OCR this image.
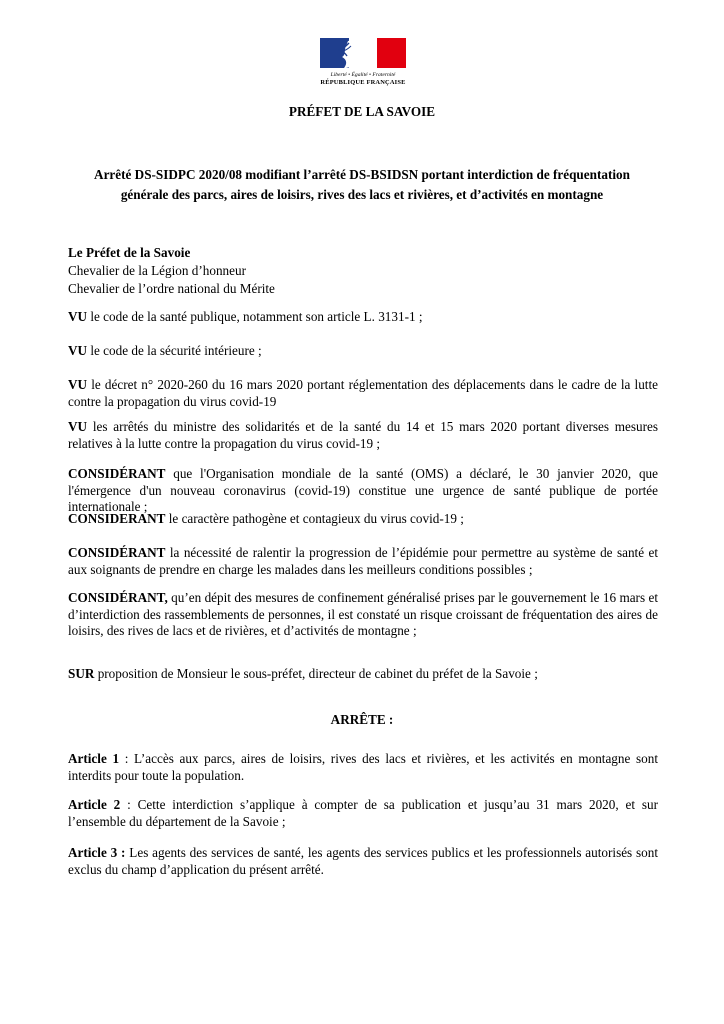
Liberté • Égalité • Fraternité
RÉPUBLIQUE FRANÇAISE
PRÉFET DE LA SAVOIE
Arrêté DS-SIDPC 2020/08 modifiant l’arrêté DS-BSIDSN portant interdiction de fréquentation
générale des parcs, aires de loisirs, rives des lacs et rivières, et d’activités en montagne
Le Préfet de la Savoie
Chevalier de la Légion d’honneur
Chevalier de l’ordre national du Mérite

VU le code de la santé publique, notamment son article L. 3131-1 ;

VU le code de la sécurité intérieure ;

VU le décret n° 2020-260 du 16 mars 2020 portant réglementation des déplacements dans le cadre de la lutte contre la propagation du virus covid-19

VU les arrêtés du ministre des solidarités et de la santé du 14 et 15 mars 2020 portant diverses mesures relatives à la lutte contre la propagation du virus covid-19 ;

CONSIDÉRANT que l'Organisation mondiale de la santé (OMS) a déclaré, le 30 janvier 2020, que l'émergence d'un nouveau coronavirus (covid-19) constitue une urgence de santé publique de portée internationale ;

CONSIDERANT le caractère pathogène et contagieux du virus covid-19 ;

CONSIDÉRANT la nécessité de ralentir la progression de l’épidémie pour permettre au système de santé et aux soignants de prendre en charge les malades dans les meilleurs conditions possibles ;

CONSIDÉRANT, qu’en dépit des mesures de confinement généralisé prises par le gouvernement le 16 mars et d’interdiction des rassemblements de personnes, il est constaté un risque croissant de fréquentation des aires de loisirs, des rives de lacs et de rivières, et d’activités de montagne ;

SUR proposition de Monsieur le sous-préfet, directeur de cabinet du préfet de la Savoie ;

ARRÊTE :

Article 1 : L’accès aux parcs, aires de loisirs, rives des lacs et rivières, et les activités en montagne sont interdits pour toute la population.

Article 2 : Cette interdiction s’applique à compter de sa publication et jusqu’au 31 mars 2020, et sur l’ensemble du département de la Savoie ;

Article 3 : Les agents des services de santé, les agents des services publics et les professionnels autorisés sont exclus du champ d’application du présent arrêté.
